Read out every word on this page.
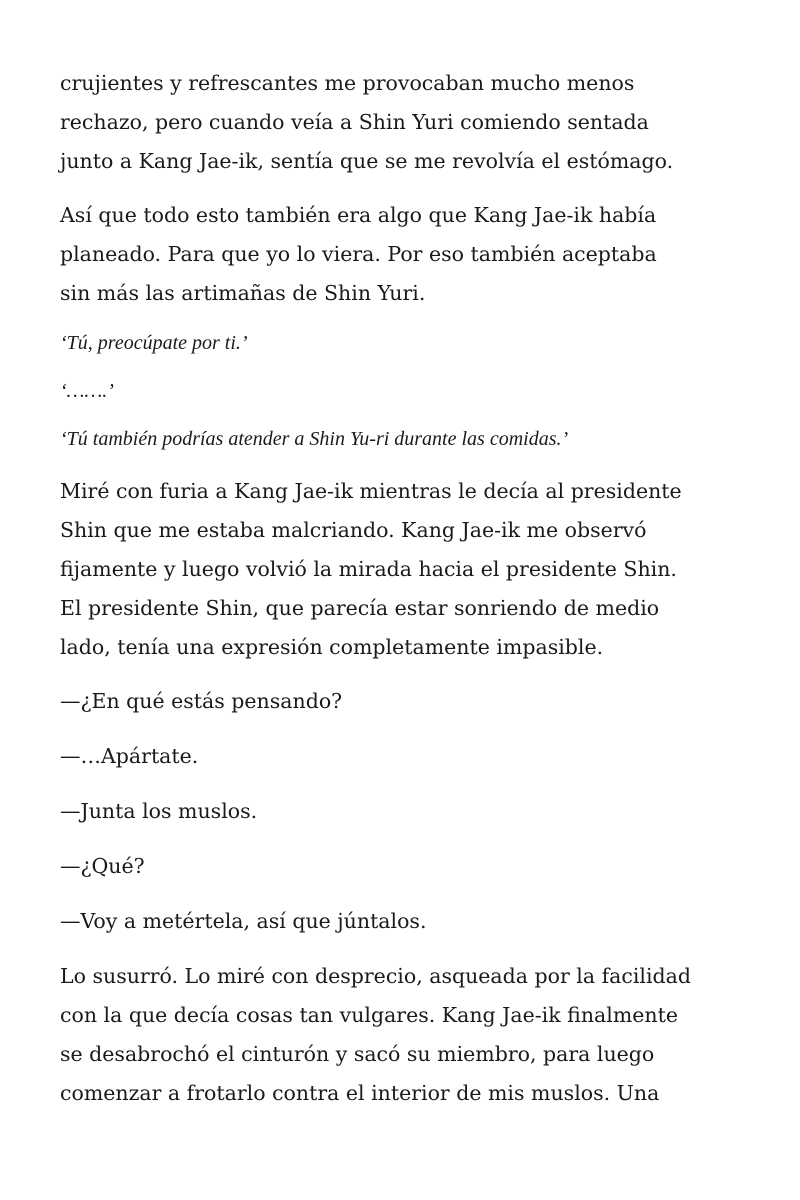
crujientes y refrescantes me provocaban mucho menos
rechazo, pero cuando veía a Shin Yuri comiendo sentada
junto a Kang Jae-ik, sentía que se me revolvía el estómago.

Así que todo esto también era algo que Kang Jae-ik había
planeado. Para que yo lo viera. Por eso también aceptaba
sin más las artimañas de Shin Yuri.

‘Tú, preocúpate por ti.’

‘…….’

‘Tú también podrías atender a Shin Yu-ri durante las comidas.’

Miré con furia a Kang Jae-ik mientras le decía al presidente
Shin que me estaba malcriando. Kang Jae-ik me observó
fijamente y luego volvió la mirada hacia el presidente Shin.
El presidente Shin, que parecía estar sonriendo de medio
lado, tenía una expresión completamente impasible.

—¿En qué estás pensando?

—…Apártate.

—Junta los muslos.

—¿Qué?

—Voy a metértela, así que júntalos.

Lo susurró. Lo miré con desprecio, asqueada por la facilidad
con la que decía cosas tan vulgares. Kang Jae-ik finalmente
se desabrochó el cinturón y sacó su miembro, para luego
comenzar a frotarlo contra el interior de mis muslos. Una
